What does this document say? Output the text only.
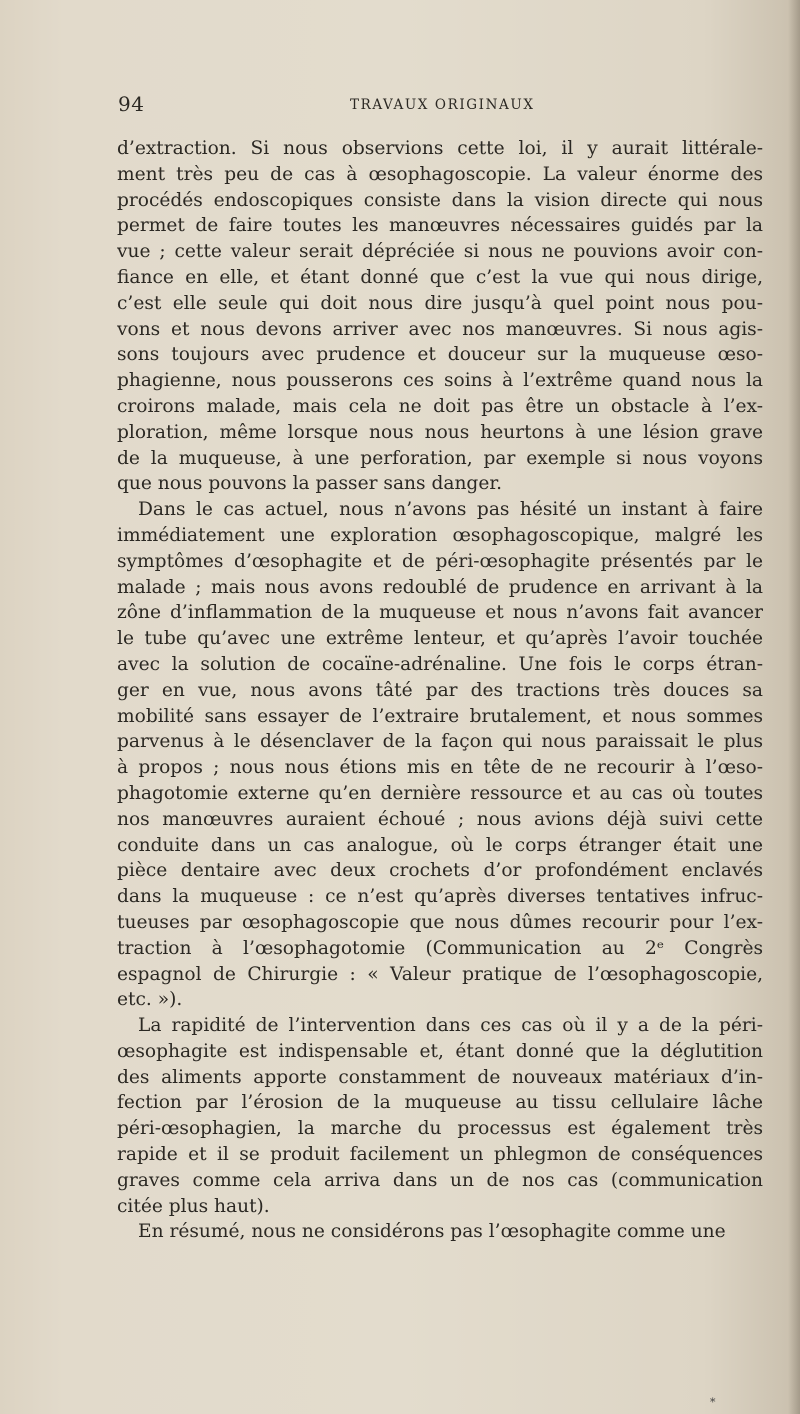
94	TRAVAUX ORIGINAUX
d’extraction. Si nous observions cette loi, il y aurait littérale-
ment très peu de cas à œsophagoscopie. La valeur énorme des
procédés endoscopiques consiste dans la vision directe qui nous
permet de faire toutes les manœuvres nécessaires guidés par la
vue ; cette valeur serait dépréciée si nous ne pouvions avoir con-
fiance en elle, et étant donné que c’est la vue qui nous dirige,
c’est elle seule qui doit nous dire jusqu’à quel point nous pou-
vons et nous devons arriver avec nos manœuvres. Si nous agis-
sons toujours avec prudence et douceur sur la muqueuse œso-
phagienne, nous pousserons ces soins à l’extrême quand nous la
croirons malade, mais cela ne doit pas être un obstacle à l’ex-
ploration, même lorsque nous nous heurtons à une lésion grave
de la muqueuse, à une perforation, par exemple si nous voyons
que nous pouvons la passer sans danger.
Dans le cas actuel, nous n’avons pas hésité un instant à faire
immédiatement une exploration œsophagoscopique, malgré les
symptômes d’œsophagite et de péri-œsophagite présentés par le
malade ; mais nous avons redoublé de prudence en arrivant à la
zône d’inflammation de la muqueuse et nous n’avons fait avancer
le tube qu’avec une extrême lenteur, et qu’après l’avoir touchée
avec la solution de cocaïne-adrénaline. Une fois le corps étran-
ger en vue, nous avons tâté par des tractions très douces sa
mobilité sans essayer de l’extraire brutalement, et nous sommes
parvenus à le désenclaver de la façon qui nous paraissait le plus
à propos ; nous nous étions mis en tête de ne recourir à l’œso-
phagotomie externe qu’en dernière ressource et au cas où toutes
nos manœuvres auraient échoué ; nous avions déjà suivi cette
conduite dans un cas analogue, où le corps étranger était une
pièce dentaire avec deux crochets d’or profondément enclavés
dans la muqueuse : ce n’est qu’après diverses tentatives infruc-
tueuses par œsophagoscopie que nous dûmes recourir pour l’ex-
traction à l’œsophagotomie (Communication au 2ᵉ Congrès
espagnol de Chirurgie : « Valeur pratique de l’œsophagoscopie,
etc. »).
La rapidité de l’intervention dans ces cas où il y a de la péri-
œsophagite est indispensable et, étant donné que la déglutition
des aliments apporte constamment de nouveaux matériaux d’in-
fection par l’érosion de la muqueuse au tissu cellulaire lâche
péri-œsophagien, la marche du processus est également très
rapide et il se produit facilement un phlegmon de conséquences
graves comme cela arriva dans un de nos cas (communication
citée plus haut).
En résumé, nous ne considérons pas l’œsophagite comme une
⁎
